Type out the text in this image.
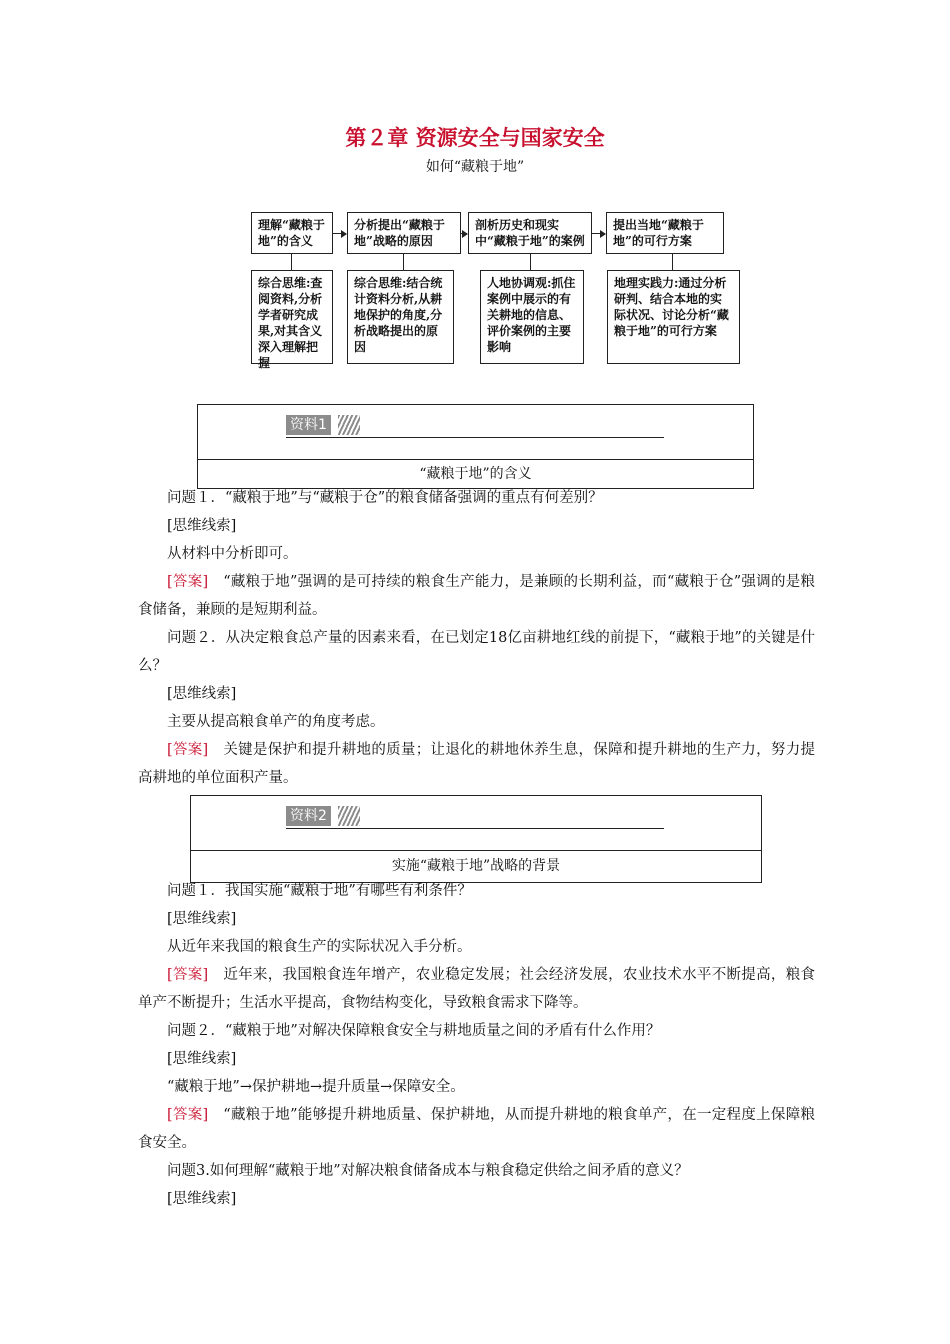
第２章 资源安全与国家安全
如何“藏粮于地”
理解“藏粮于地”的含义
分析提出“藏粮于地”战略的原因
剖析历史和现实中“藏粮于地”的案例
提出当地“藏粮于地”的可行方案
综合思维:查阅资料,分析学者研究成果,对其含义深入理解把握
综合思维:结合统计资料分析,从耕地保护的角度,分析战略提出的原因
人地协调观:抓住案例中展示的有关耕地的信息、评价案例的主要影响
地理实践力:通过分析研判、结合本地的实际状况、讨论分析“藏粮于地”的可行方案
资料1
“藏粮于地”的含义
问题１．“藏粮于地”与“藏粮于仓”的粮食储备强调的重点有何差别？
[思维线索]
从材料中分析即可。
[答案]　 “藏粮于地”强调的是可持续的粮食生产能力，是兼顾的长期利益，而“藏粮于仓”强调的是粮食储备，兼顾的是短期利益。
问题２．从决定粮食总产量的因素来看，在已划定18亿亩耕地红线的前提下，“藏粮于地”的关键是什么？
[思维线索]
主要从提高粮食单产的角度考虑。
[答案]　 关键是保护和提升耕地的质量；让退化的耕地休养生息，保障和提升耕地的生产力，努力提高耕地的单位面积产量。
资料2
实施“藏粮于地”战略的背景
问题１．我国实施“藏粮于地”有哪些有利条件？
[思维线索]
从近年来我国的粮食生产的实际状况入手分析。
[答案]　 近年来，我国粮食连年增产，农业稳定发展；社会经济发展，农业技术水平不断提高，粮食单产不断提升；生活水平提高，食物结构变化，导致粮食需求下降等。
问题２．“藏粮于地”对解决保障粮食安全与耕地质量之间的矛盾有什么作用？
[思维线索]
“藏粮于地”→保护耕地→提升质量→保障安全。
[答案]　 “藏粮于地”能够提升耕地质量、保护耕地，从而提升耕地的粮食单产，在一定程度上保障粮食安全。
问题3.如何理解“藏粮于地”对解决粮食储备成本与粮食稳定供给之间矛盾的意义？
[思维线索]
